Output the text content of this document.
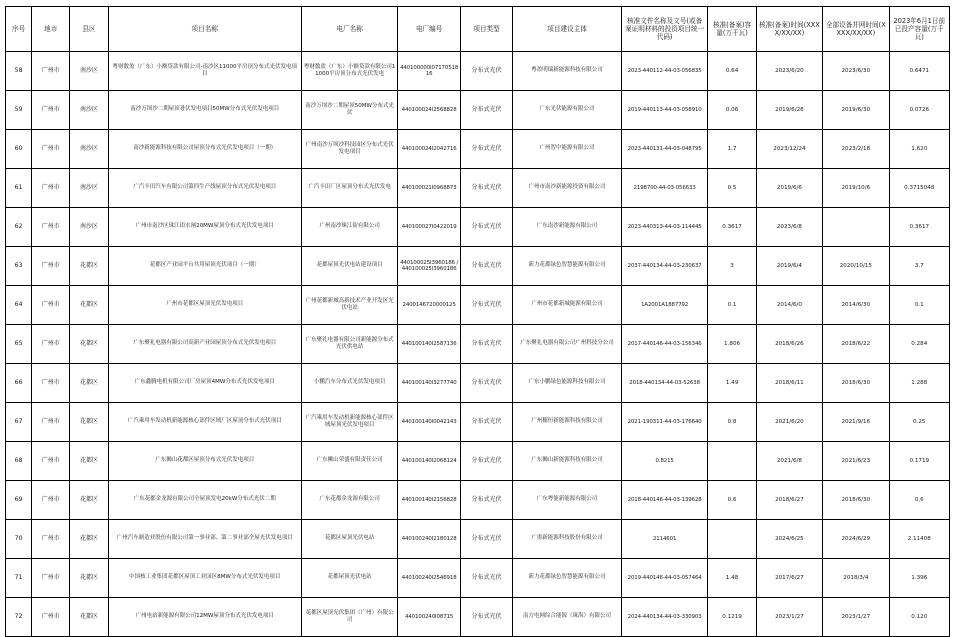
序号	地市	县区	项目名称	电厂名称	电厂编号	项目类型	项目建设主体	核准文件名称及文号(或备案证明材料的投资项目统一代码)	核准(备案)容量(万千瓦)	核准(备案)时间(XXXX/XX/XX)	全部设备并网时间(XXXX/XX/XX)	2023年6月1日前已投产容量(万千瓦)
58	广州市	南沙区	粤财数盈（广东）小额贷款有限公司-南沙区11000平房顶分布式光伏发电项目	粤财数盈（广东）小额贷款有限公司11000平房顶分布式光伏发电	440100000I0717051816	分布式光伏	粤盈明瑞新能源科技有限公司	2023-440112-44-03-056835	0.64	2023/6/20	2023/6/30	0.6471
59	广州市	南沙区	南沙万顷沙二期屋顶광伏发电项目50MW分布式光伏发电项目	南沙万顷沙二期屋顶50MW分布式光伏	440100024I2568828	分布式光伏	广东光伏能源有限公司	2019-440113-44-03-058910	0.06	2019/6/28	2019/6/30	0.0726
60	广州市	南沙区	南沙新能源科技有限公司屋顶分布式光伏发电项目（一期）	广州南沙万顷沙科技园区分布式光伏发电项目	440100024I2042716	分布式光伏	广州智中能源有限公司	2023-440131-44-03-048795	1.7	2023/12/24	2023/2/18	1.620
61	广州市	南沙区	广汽丰田汽车有限公司第四生产线屋顶分布式光伏发电项目	广汽丰田厂区屋顶分布式光伏发电	440100021I0968873	分布式光伏	广州市南沙新能源投资有限公司	2198700-44-03-056633	0.5	2019/6/6	2019/10/6	0.3715048
62	广州市	南沙区	广州市南沙区珠江街水闸20MW屋顶分布式光伏发电项目	广州南沙珠江街有限公司	440100027I0422019	分布式光伏	广东南沙新能源有限公司	2023-440313-44-03-114445	0.3617	2023/6/8		0.3617
63	广州市	花都区	花都区产业园平台共用屋顶光伏项目（一期）	花都屋顶光伏电站建设项目	440100025I3960186 / 440100025I3960186	分布式光伏	新力花都绿色智慧能源有限公司	2037-440134-44-03-230637	3	2019/6/4	2020/10/15	3.7
64	广州市	花都区	广州市花都区屋顶光伏发电项目	广州花都新城高新技术产业开发区光伏电站	2400146720000125	分布式光伏	广州市花都新城能源有限公司	1A2001A1887792	0.1	2014/6/0	2014/6/30	0.1
65	广州市	花都区	广东聚礼电器有限公司高新产业园屋顶分布式光伏发电项目	广东聚礼电器有限公司新能源分布式光伏供电站	440100140I2587136	分布式光伏	广东聚礼电器有限公司广州科技分公司	2017-440146-44-03-156346	1.806	2018/6/26	2018/6/22	0.284
66	广州市	花都区	广东鑫腾电机有限公司厂房屋顶4MW分布式光伏发电项目	小鹏汽车分布式光伏发电项目	440100140I3277740	分布式光伏	广东小鹏绿色能源科技有限公司	2018-440134-44-03-52638	1.49	2018/6/11	2018/6/30	1.288
67	广州市	花都区	广汽乘用车发动机新能源核心部件区域厂区屋顶分布式光伏项目	广汽乘用车发动机新能源核心部件区域屋顶光伏发电项目	440100140I0042143	分布式光伏	广州穗恒新能源科技有限公司	2021-190311-44-03-176640	0.8	2021/6/20	2021/9/16	0.25
68	广州市	花都区	广东狮山花都区屋顶分布式光伏发电项目	广东狮山荣盛有限责任公司	440100140I2068124	分布式光伏	广东狮山新能源科技有限公司	0.8215		2021/6/8	2021/6/23	0.1719
69	广州市	花都区	广东花都金龙源有限公司全屋顶发电20kW分布式光伏二期	广东花都金龙源有限公司	440100140I2156828	分布式光伏	广东粤能新能源有限公司	2018-440146-44-03-139628	0.6	2018/6/27	2018/6/30	0.6
70	广州市	花都区	广州汽车制造业股份有限公司第一事业部、第二事业部全屋光伏发电项目	花都区屋顶光伏电站	440100240I2180128	分布式光伏	广重新能源科技股份有限公司	2114601		2024/6/25	2024/6/29	2.11408
71	广州市	花都区	中国核工业集团花都区屋顶工业园区8MW分布式光伏发电项目	花都屋顶光伏电站	440100240I2546918	分布式光伏	新力花都绿色智慧能源有限公司	2019-440146-44-03-057464	1.48	2017/6/27	2018/3/4	1.396
72	广州市	花都区	广州电站新能源有限公司12MW屋顶分布式光伏发电项目	花都区屋顶光伏集团（广州）有限公司	440100240I08715	分布式光伏	南方电网综合能源（珠海）有限公司	2024-440134-44-03-330903	0.1219	2023/1/27	2023/1/27	0.120
